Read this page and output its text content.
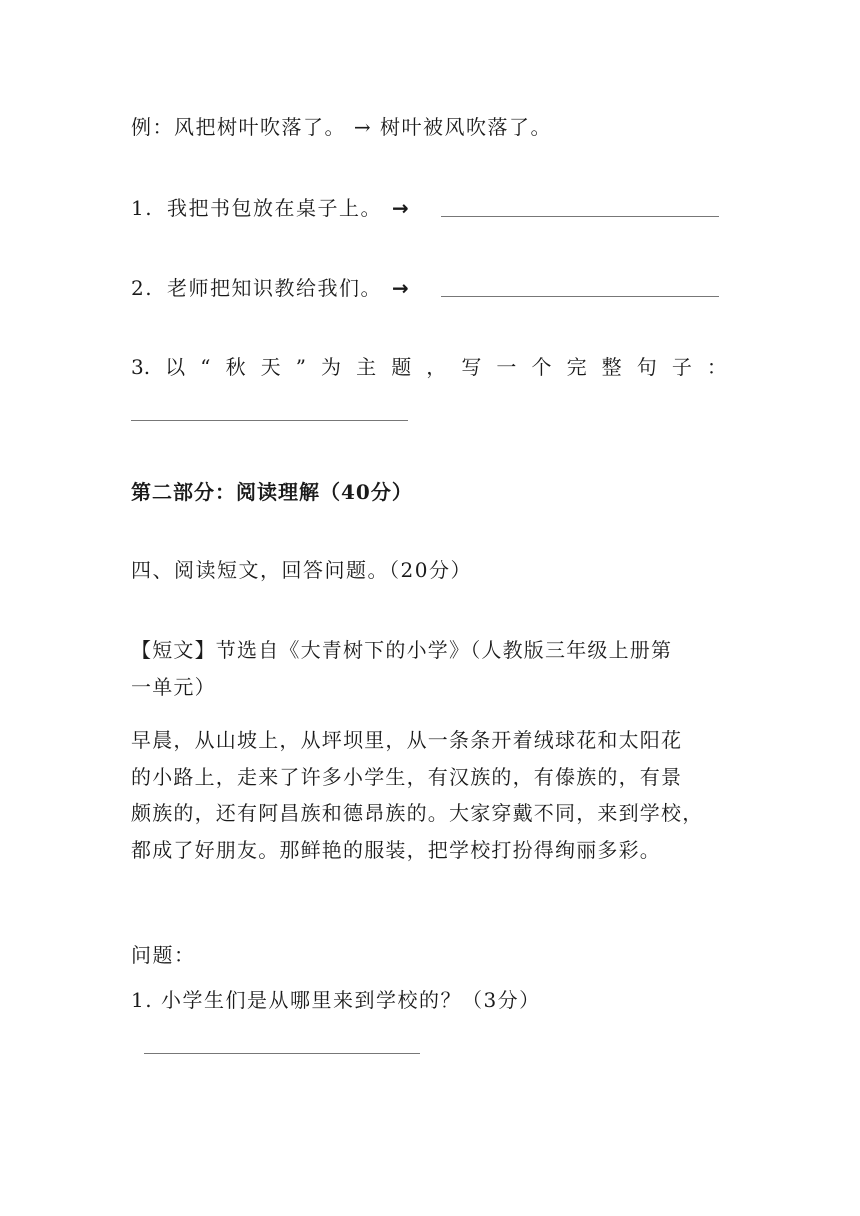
例：风把树叶吹落了。 → 树叶被风吹落了。
1. 我把书包放在桌子上。 →
2. 老师把知识教给我们。 →
3. 以 “ 秋 天 ” 为 主 题 ， 写 一 个 完 整 句 子 ：
第二部分：阅读理解（40分）
四、阅读短文，回答问题。（20分）
【短文】节选自《大青树下的小学》（人教版三年级上册第
一单元）
早晨，从山坡上，从坪坝里，从一条条开着绒球花和太阳花
的小路上，走来了许多小学生，有汉族的，有傣族的，有景
颇族的，还有阿昌族和德昂族的。大家穿戴不同，来到学校，
都成了好朋友。那鲜艳的服装，把学校打扮得绚丽多彩。
问题：
1. 小学生们是从哪里来到学校的？（3分）
